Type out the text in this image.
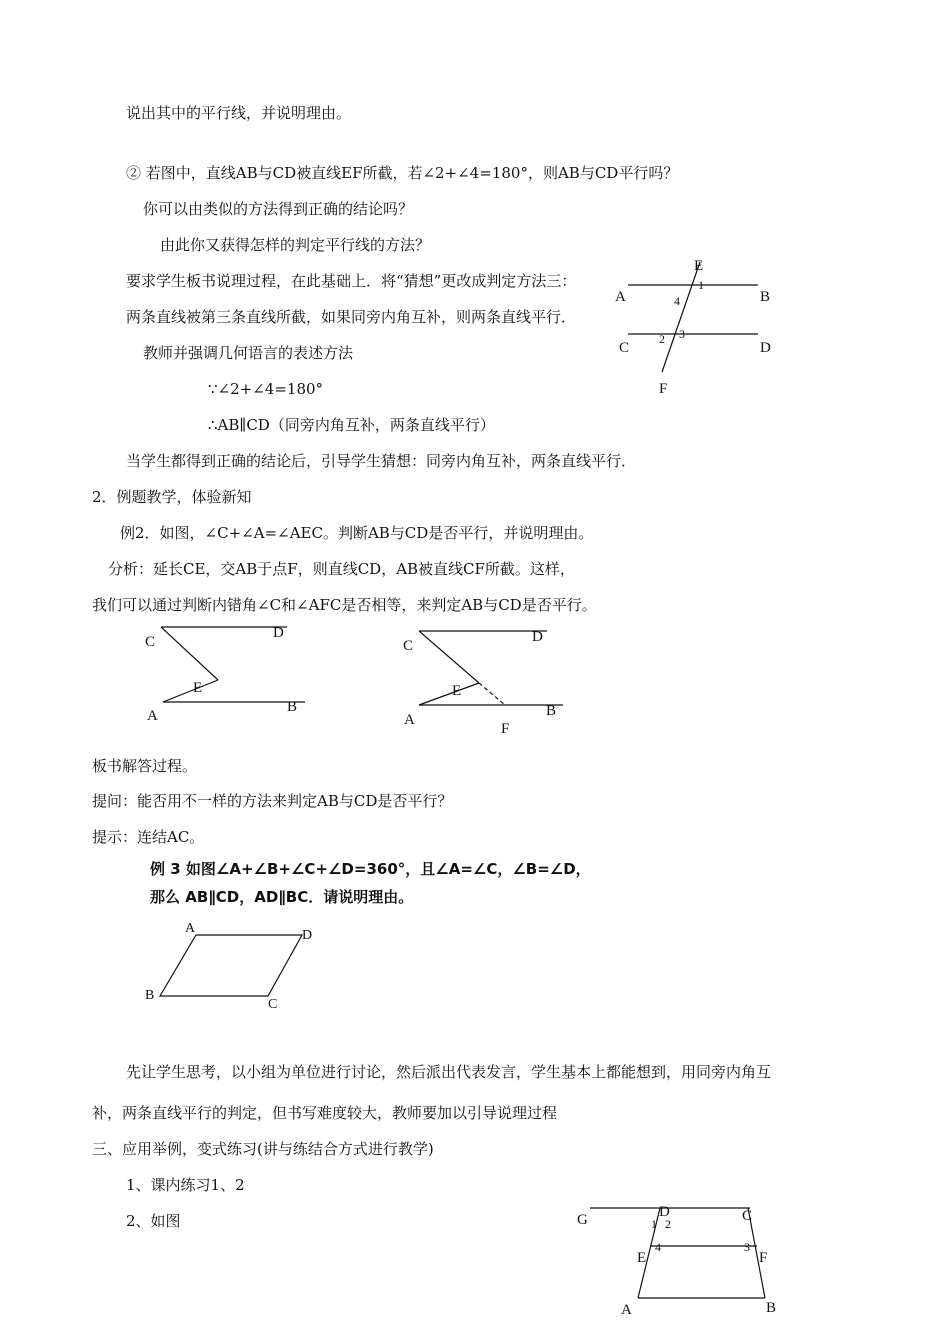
说出其中的平行线，并说明理由。
② 若图中，直线AB与CD被直线EF所截，若∠2+∠4=180°，则AB与CD平行吗？
你可以由类似的方法得到正确的结论吗？
由此你又获得怎样的判定平行线的方法？
要求学生板书说理过程，在此基础上．将“猜想”更改成判定方法三：
两条直线被第三条直线所截，如果同旁内角互补，则两条直线平行．
教师并强调几何语言的表述方法
∵∠2+∠4=180°
∴AB∥CD（同旁内角互补，两条直线平行）
当学生都得到正确的结论后，引导学生猜想：同旁内角互补，两条直线平行．
2．例题教学，体验新知
例2．如图，∠C+∠A=∠AEC。判断AB与CD是否平行，并说明理由。
分析：延长CE，交AB于点F，则直线CD，AB被直线CF所截。这样，
我们可以通过判断内错角∠C和∠AFC是否相等，来判定AB与CD是否平行。
板书解答过程。
提问：能否用不一样的方法来判定AB与CD是否平行？
提示：连结AC。
例 3 如图∠A+∠B+∠C+∠D=360°，且∠A=∠C，∠B=∠D，
那么 AB∥CD，AD∥BC．请说明理由。
先让学生思考，以小组为单位进行讨论，然后派出代表发言，学生基本上都能想到，用同旁内角互
补，两条直线平行的判定，但书写难度较大，教师要加以引导说理过程
三、应用举例，变式练习(讲与练结合方式进行教学)
1、课内练习1、2
2、如图
E
1
A	B
4
C
2 3
D
F
C
D
E
A
B
C
D
E
A
B
F
A	D
B
C
G	D	C
1 2
E
4	3
F
A	B
